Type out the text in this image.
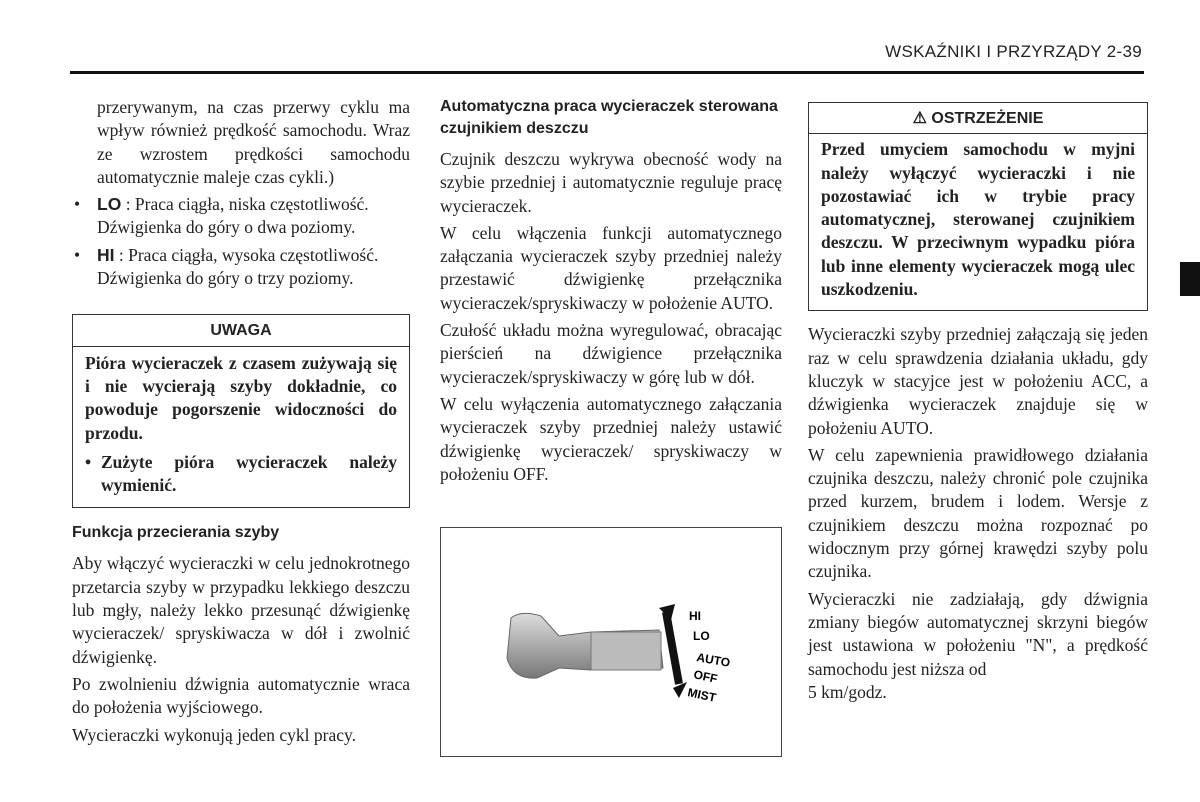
WSKAŹNIKI I PRZYRZĄDY 2-39

przerywanym, na czas przerwy cyklu ma wpływ również prędkość samochodu. Wraz ze wzrostem prędkości samochodu automatycznie maleje czas cykli.)

• LO : Praca ciągła, niska częstotliwość. Dźwigienka do góry o dwa poziomy.
• HI : Praca ciągła, wysoka częstotliwość. Dźwigienka do góry o trzy poziomy.
UWAGA

Pióra wycieraczek z czasem zużywają się i nie wycierają szyby dokładnie, co powoduje pogorszenie widoczności do przodu.

• Zużyte pióra wycieraczek należy wymienić.
Funkcja przecierania szyby

Aby włączyć wycieraczki w celu jednokrotnego przetarcia szyby w przypadku lekkiego deszczu lub mgły, należy lekko przesunąć dźwigienkę wycieraczek/ spryskiwacza w dół i zwolnić dźwigienkę.

Po zwolnieniu dźwignia automatycznie wraca do położenia wyjściowego.

Wycieraczki wykonują jeden cykl pracy.

Automatyczna praca wycieraczek sterowana czujnikiem deszczu

Czujnik deszczu wykrywa obecność wody na szybie przedniej i automatycznie reguluje pracę wycieraczek.

W celu włączenia funkcji automatycznego załączania wycieraczek szyby przedniej należy przestawić dźwigienkę przełącznika wycieraczek/spryskiwaczy w położenie AUTO.

Czułość układu można wyregulować, obracając pierścień na dźwigience przełącznika wycieraczek/spryskiwaczy w górę lub w dół.

W celu wyłączenia automatycznego załączania wycieraczek szyby przedniej należy ustawić dźwigienkę wycieraczek/ spryskiwaczy w położeniu OFF.

HI
LO
AUTO
OFF
MIST
⚠ OSTRZEŻENIE

Przed umyciem samochodu w myjni należy wyłączyć wycieraczki i nie pozostawiać ich w trybie pracy automatycznej, sterowanej czujnikiem deszczu. W przeciwnym wypadku pióra lub inne elementy wycieraczek mogą ulec uszkodzeniu.

Wycieraczki szyby przedniej załączają się jeden raz w celu sprawdzenia działania układu, gdy kluczyk w stacyjce jest w położeniu ACC, a dźwigienka wycieraczek znajduje się w położeniu AUTO.

W celu zapewnienia prawidłowego działania czujnika deszczu, należy chronić pole czujnika przed kurzem, brudem i lodem. Wersje z czujnikiem deszczu można rozpoznać po widocznym przy górnej krawędzi szyby polu czujnika.

Wycieraczki nie zadziałają, gdy dźwignia zmiany biegów automatycznej skrzyni biegów jest ustawiona w położeniu "N", a prędkość samochodu jest niższa od

5 km/godz.
